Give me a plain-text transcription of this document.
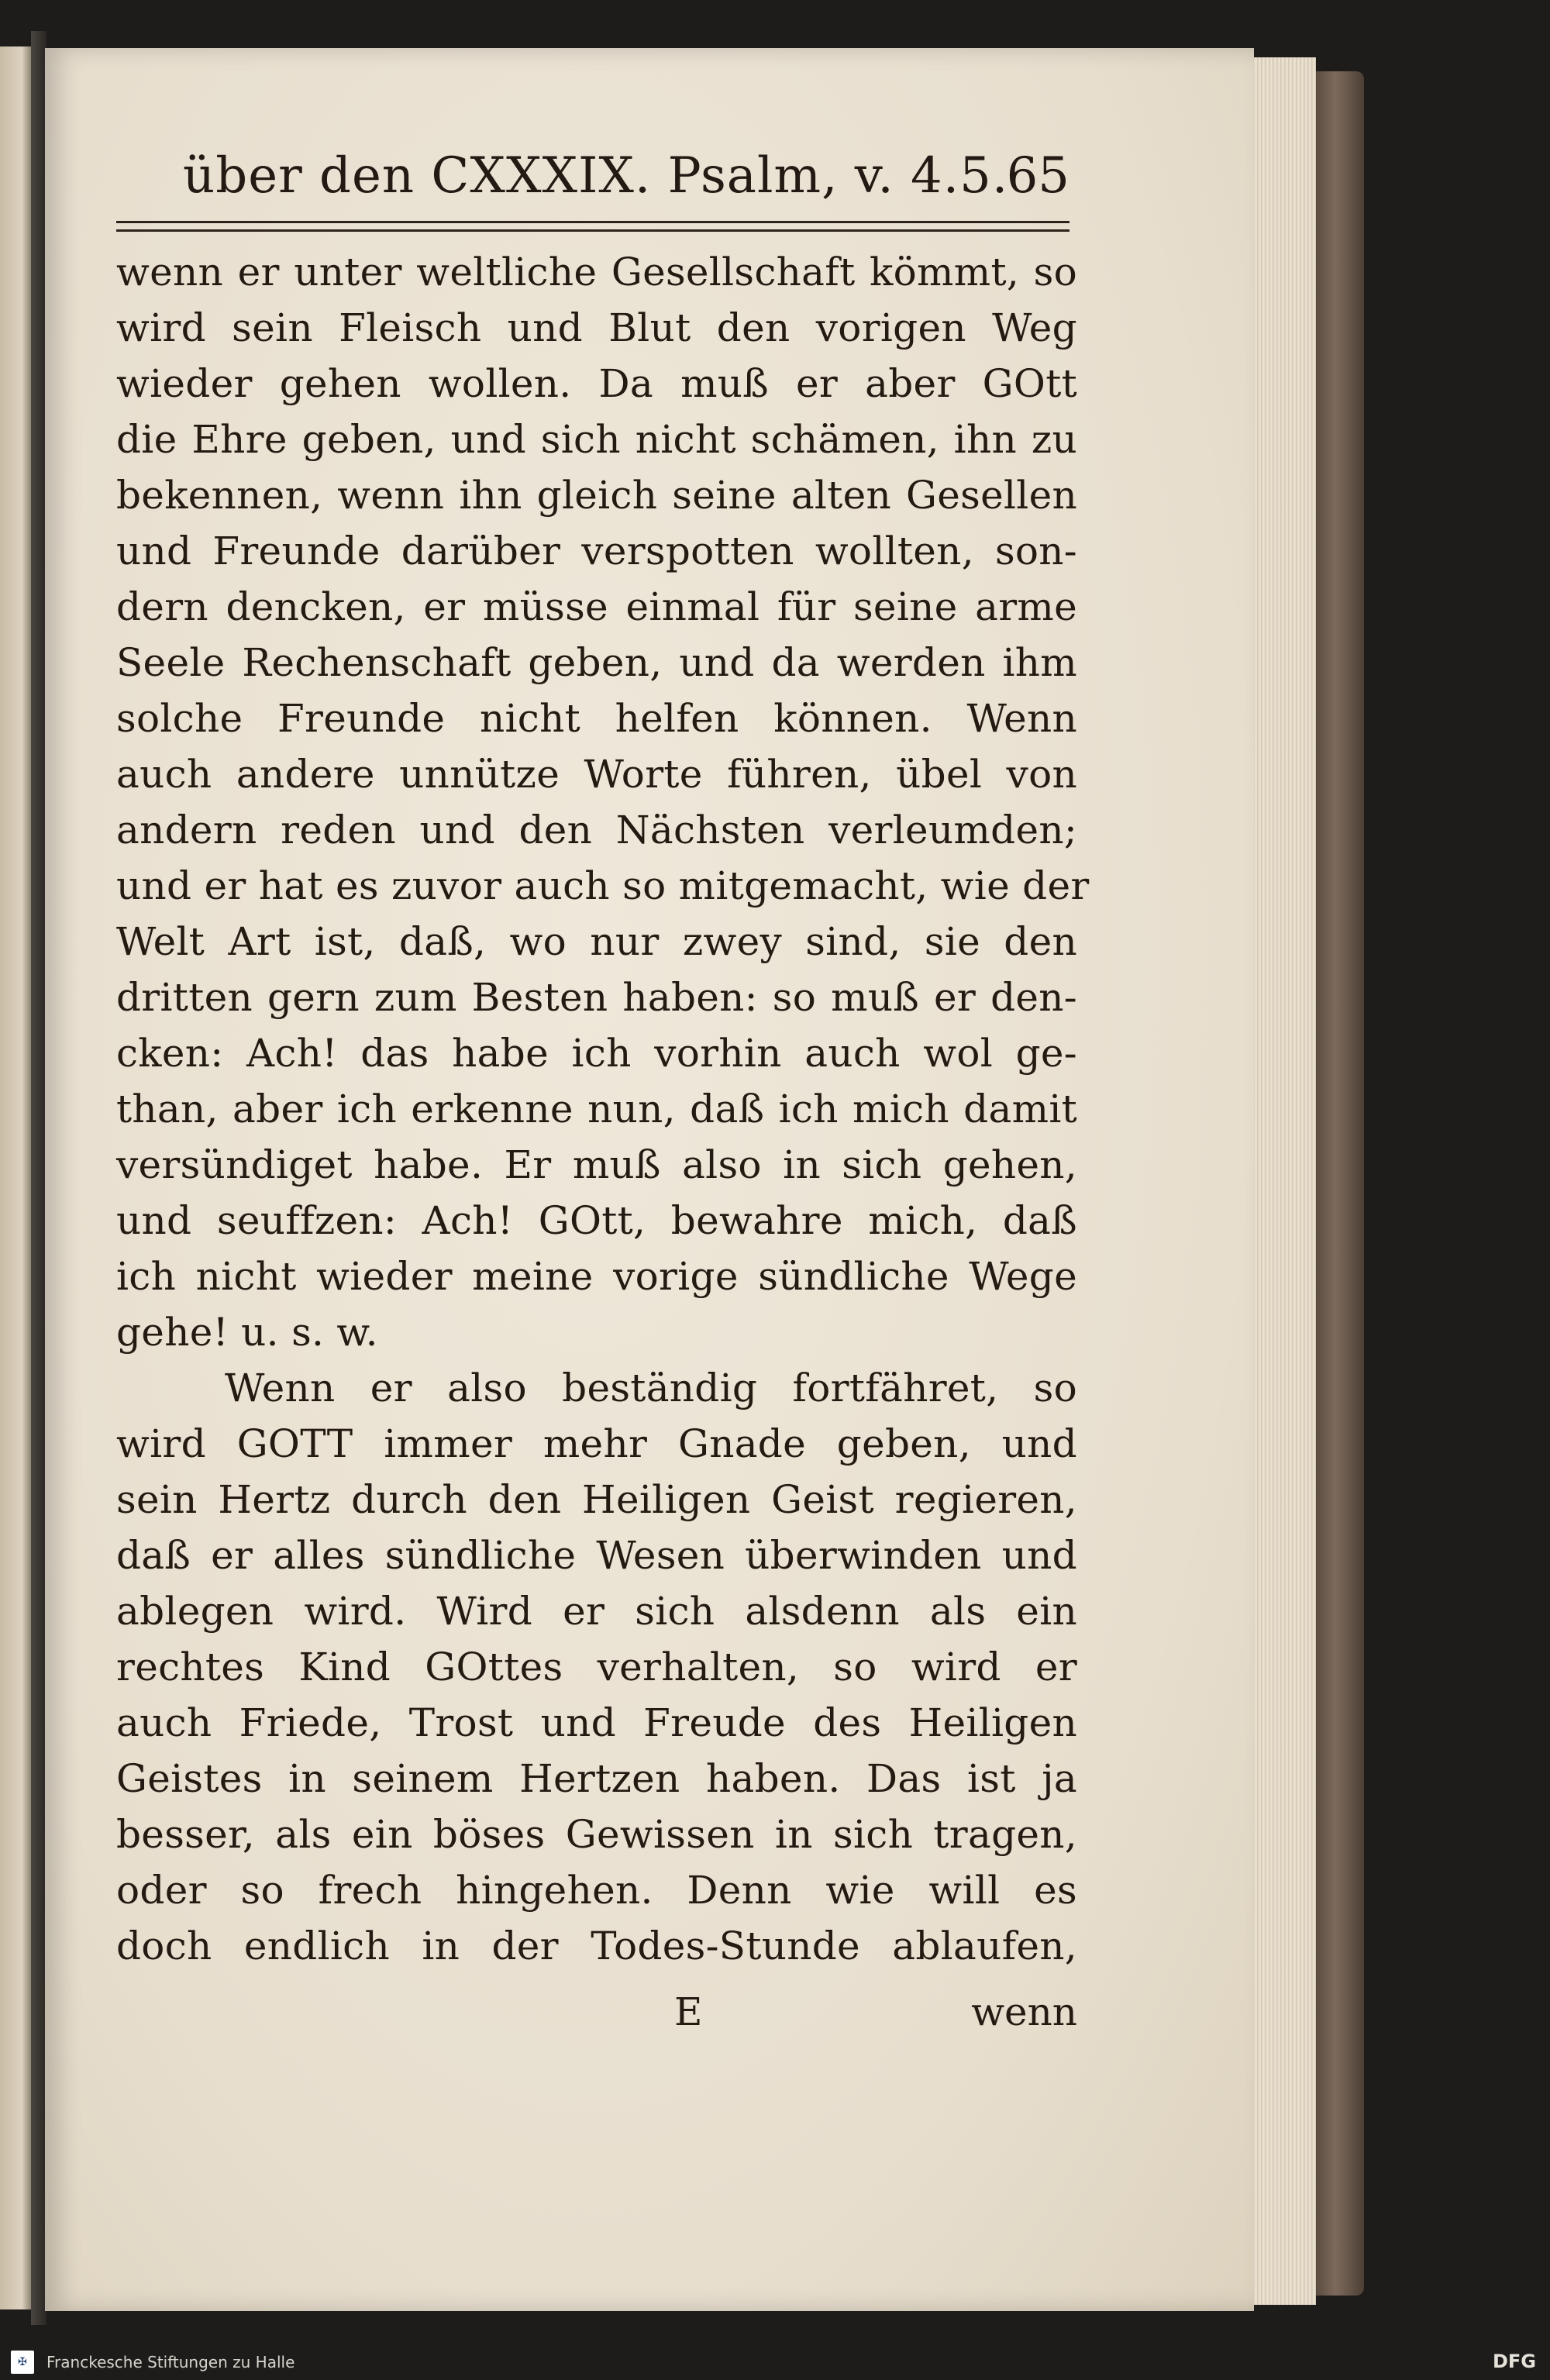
über den CXXXIX. Psalm, v. 4.5.
65
wenn er unter weltliche Gesellschaft kömmt, so
wird sein Fleisch und Blut den vorigen Weg
wieder gehen wollen. Da muß er aber GOtt
die Ehre geben, und sich nicht schämen, ihn zu
bekennen, wenn ihn gleich seine alten Gesellen
und Freunde darüber verspotten wollten, son-
dern dencken, er müsse einmal für seine arme
Seele Rechenschaft geben, und da werden ihm
solche Freunde nicht helfen können. Wenn
auch andere unnütze Worte führen, übel von
andern reden und den Nächsten verleumden;
und er hat es zuvor auch so mitgemacht, wie der
Welt Art ist, daß, wo nur zwey sind, sie den
dritten gern zum Besten haben: so muß er den-
cken: Ach! das habe ich vorhin auch wol ge-
than, aber ich erkenne nun, daß ich mich damit
versündiget habe. Er muß also in sich gehen,
und seuffzen: Ach! GOtt, bewahre mich, daß
ich nicht wieder meine vorige sündliche Wege
gehe! u. s. w.
Wenn er also beständig fortfähret, so
wird GOTT immer mehr Gnade geben, und
sein Hertz durch den Heiligen Geist regieren,
daß er alles sündliche Wesen überwinden und
ablegen wird. Wird er sich alsdenn als ein
rechtes Kind GOttes verhalten, so wird er
auch Friede, Trost und Freude des Heiligen
Geistes in seinem Hertzen haben. Das ist ja
besser, als ein böses Gewissen in sich tragen,
oder so frech hingehen. Denn wie will es
doch endlich in der Todes-Stunde ablaufen,
E	wenn
✠	Franckesche Stiftungen zu Halle	DFG
